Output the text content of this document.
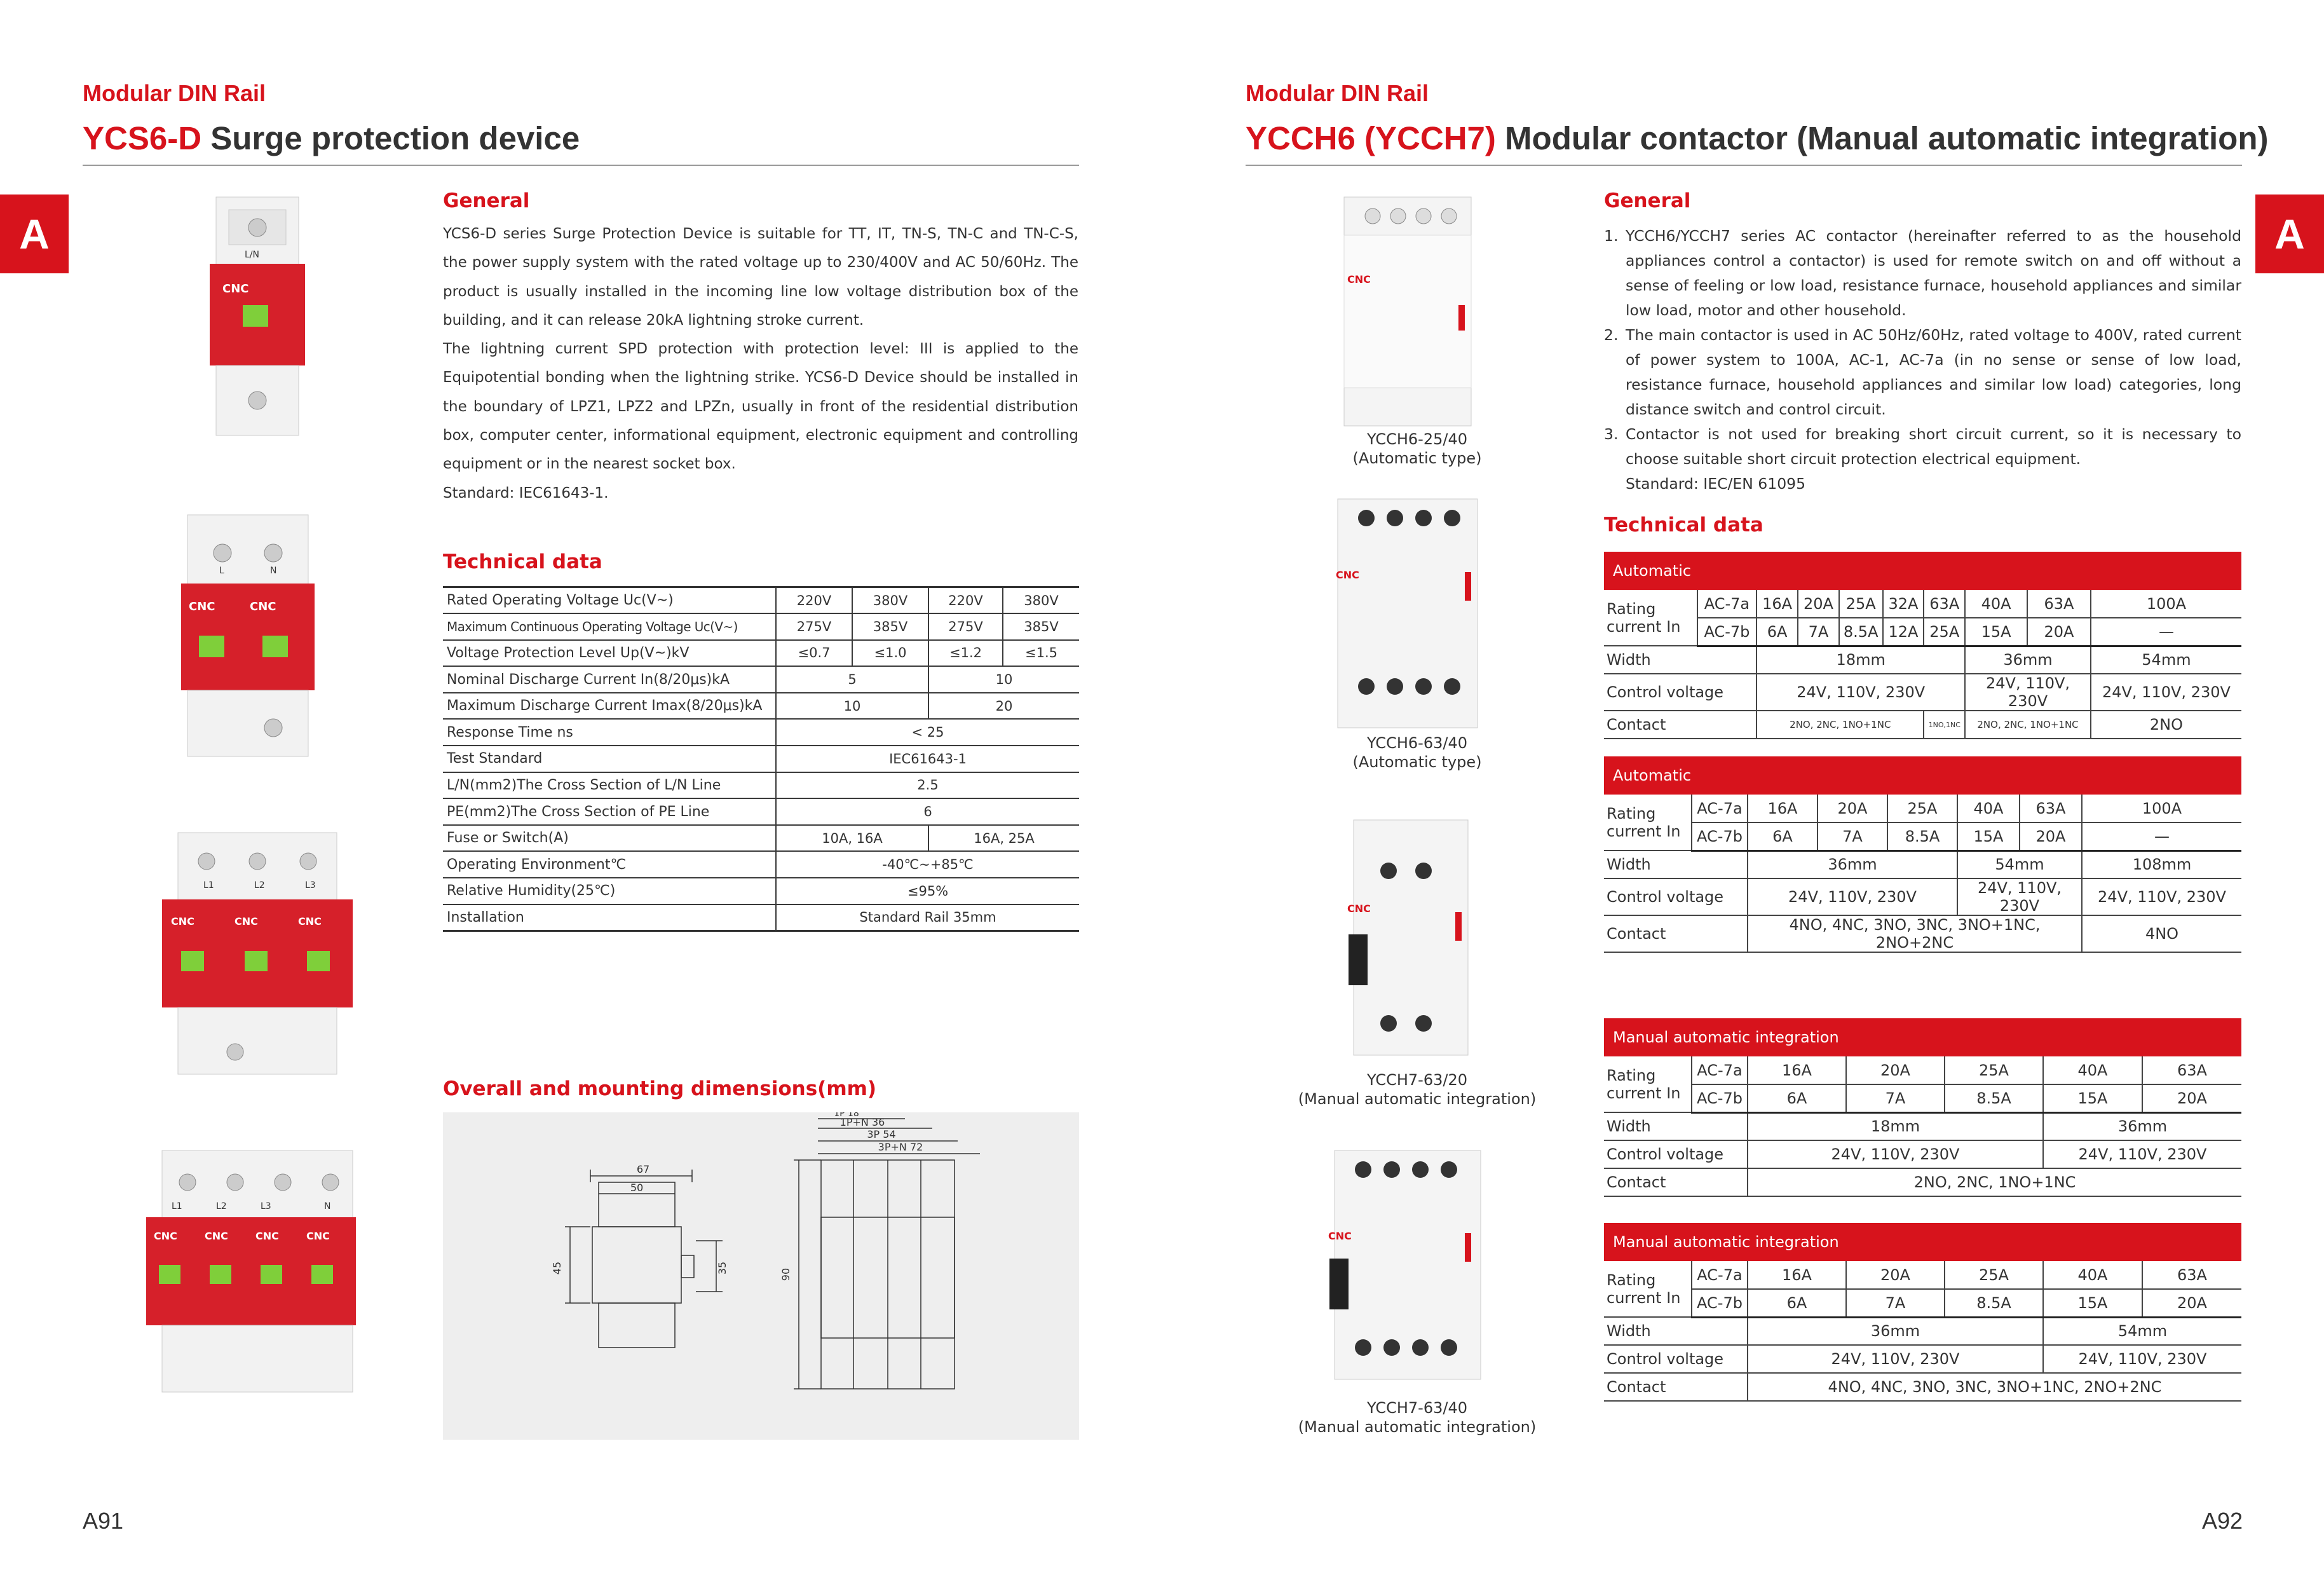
Modular DIN Rail
YCS6-D Surge protection device
A	L/N
CNC
L	N
CNC	CNC
L1	L2	L3
CNC	CNC	CNC
L1	L2	L3	N
CNC	CNC	CNC	CNC
General
YCS6-D series Surge Protection Device is suitable for TT, IT, TN-S, TN-C and TN-C-S, the power supply system with the rated voltage up to 230/400V and AC 50/60Hz. The product is usually installed in the incoming line low voltage distribution box of the building, and it can release 20kA lightning stroke current.
The lightning current SPD protection with protection level: III is applied to the Equipotential bonding when the lightning strike. YCS6-D Device should be installed in the boundary of LPZ1, LPZ2 and LPZn, usually in front of the residential distribution box, computer center, informational equipment, electronic equipment and controlling equipment or in the nearest socket box.
Standard: IEC61643-1.
Technical data
Rated Operating Voltage Uc(V~)	220V	380V	220V	380V
Maximum Continuous Operating Voltage Uc(V~)	275V	385V	275V	385V
Voltage Protection Level Up(V~)kV	≤0.7	≤1.0	≤1.2	≤1.5
Nominal Discharge Current In(8/20μs)kA	5		10	
Maximum Discharge Current Imax(8/20μs)kA	10		20	
Response Time ns	< 25			
Test Standard	IEC61643-1			
L/N(mm2)The Cross Section of L/N Line	2.5			
PE(mm2)The Cross Section of PE Line	6			
Fuse or Switch(A)	10A, 16A		16A, 25A	
Operating Environment℃	-40℃~+85℃			
Relative Humidity(25℃)	≤95%			
Installation	Standard Rail 35mm			
Overall and mounting dimensions(mm)
67
50
45	35	90
3P+N 72
3P 54
1P+N 36
1P 18
A91
Modular DIN Rail
YCCH6 (YCCH7) Modular contactor (Manual automatic integration)
A
CNC
YCCH6-25/40
(Automatic type)
CNC
YCCH6-63/40
(Automatic type)
CNC
YCCH7-63/20
(Manual automatic integration)
CNC
YCCH7-63/40
(Manual automatic integration)
General
1. YCCH6/YCCH7 series AC contactor (hereinafter referred to as the household appliances control a contactor) is used for remote switch on and off without a sense of feeling or low load, resistance furnace, household appliances and similar low load, motor and other household.
2. The main contactor is used in AC 50Hz/60Hz, rated voltage to 400V, rated current of power system to 100A, AC-1, AC-7a (in no sense or sense of low load, resistance furnace, household appliances and similar low load) categories, long distance switch and control circuit.
3. Contactor is not used for breaking short circuit current, so it is necessary to choose suitable short circuit protection electrical equipment.
Standard: IEC/EN 61095
Technical data
Automatic									
Rating current In	AC-7a	16A	20A	25A	32A	63A	40A	63A	100A
	AC-7b	6A	7A	8.5A	12A	25A	15A	20A	—
Width		18mm					36mm		54mm
Control voltage		24V, 110V, 230V					24V, 110V, 230V		24V, 110V, 230V
Contact		2NO, 2NC, 1NO+1NC				1NO,1NC	2NO, 2NC, 1NO+1NC		2NO
Automatic							
Rating current In	AC-7a	16A	20A	25A	40A	63A	100A
	AC-7b	6A	7A	8.5A	15A	20A	—
Width		36mm			54mm		108mm
Control voltage		24V, 110V, 230V			24V, 110V, 230V		24V, 110V, 230V
Contact		4NO, 4NC, 3NO, 3NC, 3NO+1NC, 2NO+2NC					4NO
Manual automatic integration						
Rating current In	AC-7a	16A	20A	25A	40A	63A
	AC-7b	6A	7A	8.5A	15A	20A
Width		18mm			36mm	
Control voltage		24V, 110V, 230V			24V, 110V, 230V	
Contact		2NO, 2NC, 1NO+1NC				
Manual automatic integration						
Rating current In	AC-7a	16A	20A	25A	40A	63A
	AC-7b	6A	7A	8.5A	15A	20A
Width		36mm			54mm	
Control voltage		24V, 110V, 230V			24V, 110V, 230V	
Contact		4NO, 4NC, 3NO, 3NC, 3NO+1NC, 2NO+2NC				
A92
